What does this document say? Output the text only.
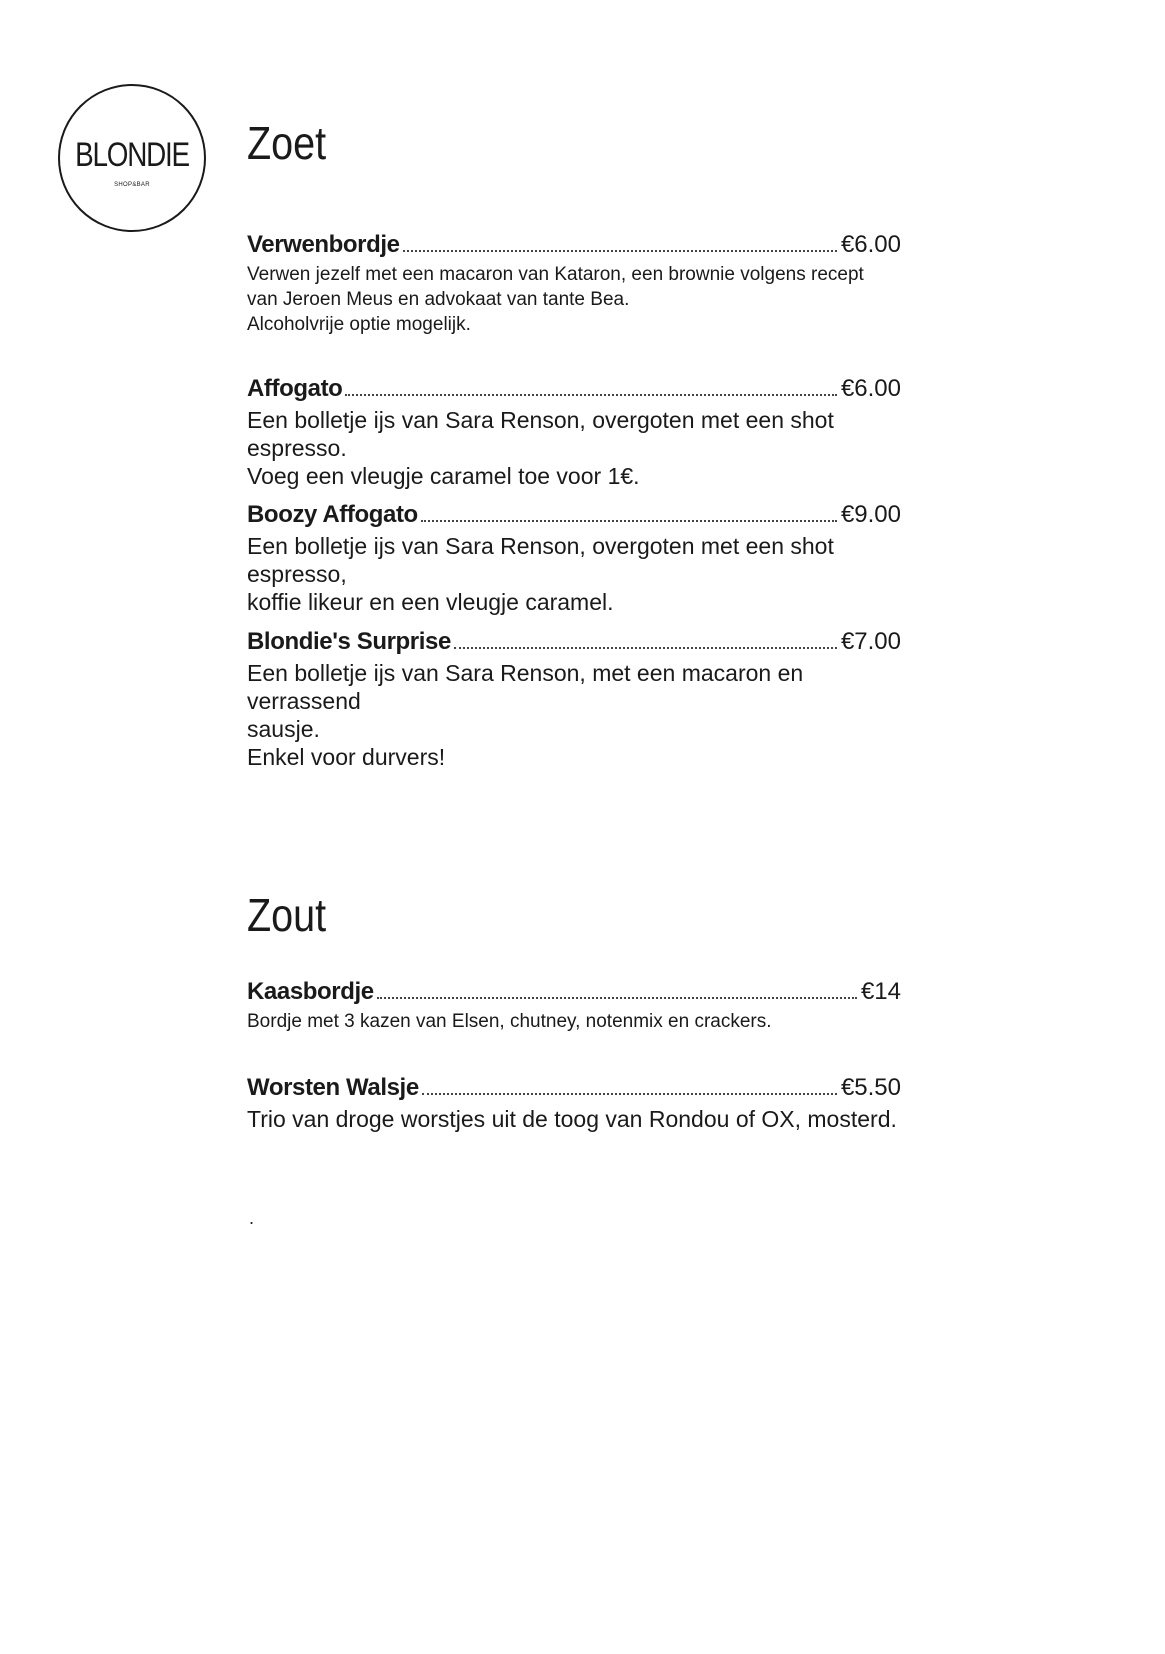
BLONDIE
SHOP&BAR
Zoet
Verwenbordje	€6.00

Verwen jezelf met een macaron van Kataron, een brownie volgens recept
van Jeroen Meus en advokaat van tante Bea.
Alcoholvrije optie mogelijk.

Affogato	€6.00

Een bolletje ijs van Sara Renson, overgoten met een shot espresso.
Voeg een vleugje caramel toe voor 1€.

Boozy Affogato	€9.00

Een bolletje ijs van Sara Renson, overgoten met een shot espresso,
koffie likeur en een vleugje caramel.

Blondie's Surprise	€7.00

Een bolletje ijs van Sara Renson, met een macaron en verrassend
sausje.
Enkel voor durvers!

Zout
Kaasbordje	€14

Bordje met 3 kazen van Elsen, chutney, notenmix en crackers.

Worsten Walsje	€5.50

Trio van droge worstjes uit de toog van Rondou of OX, mosterd.

.
